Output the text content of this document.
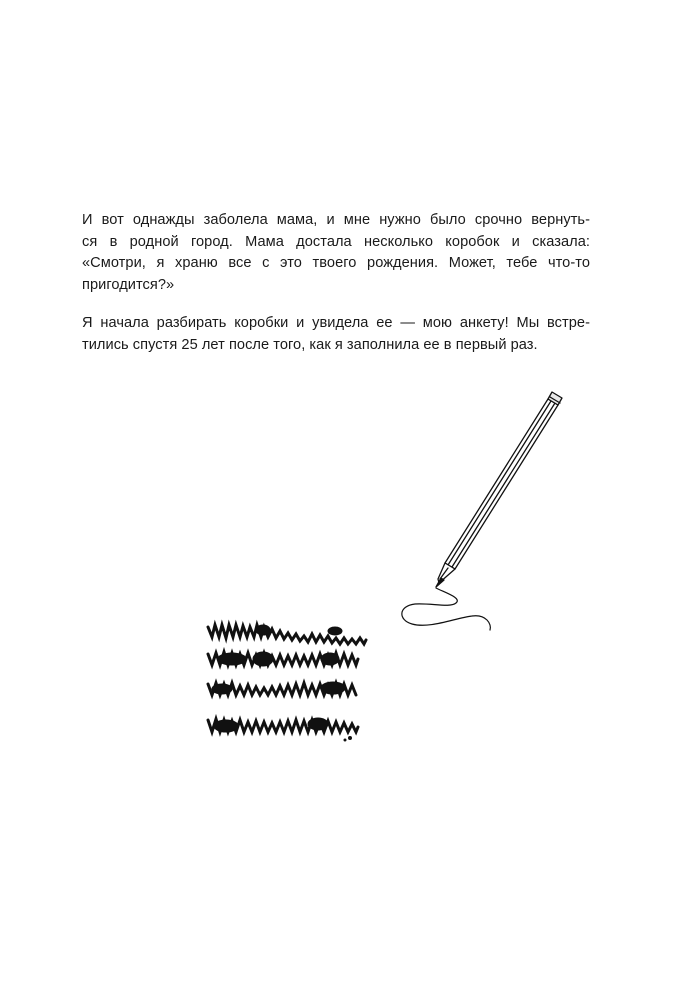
И вот однажды заболела мама, и мне нужно было срочно вернуть-
ся в родной город. Мама достала несколько коробок и сказала:
«Смотри, я храню все с это твоего рождения. Может, тебе что-то
пригодится?»

Я начала разбирать коробки и увидела ее — мою анкету! Мы встре-
тились спустя 25 лет после того, как я заполнила ее в первый раз.
